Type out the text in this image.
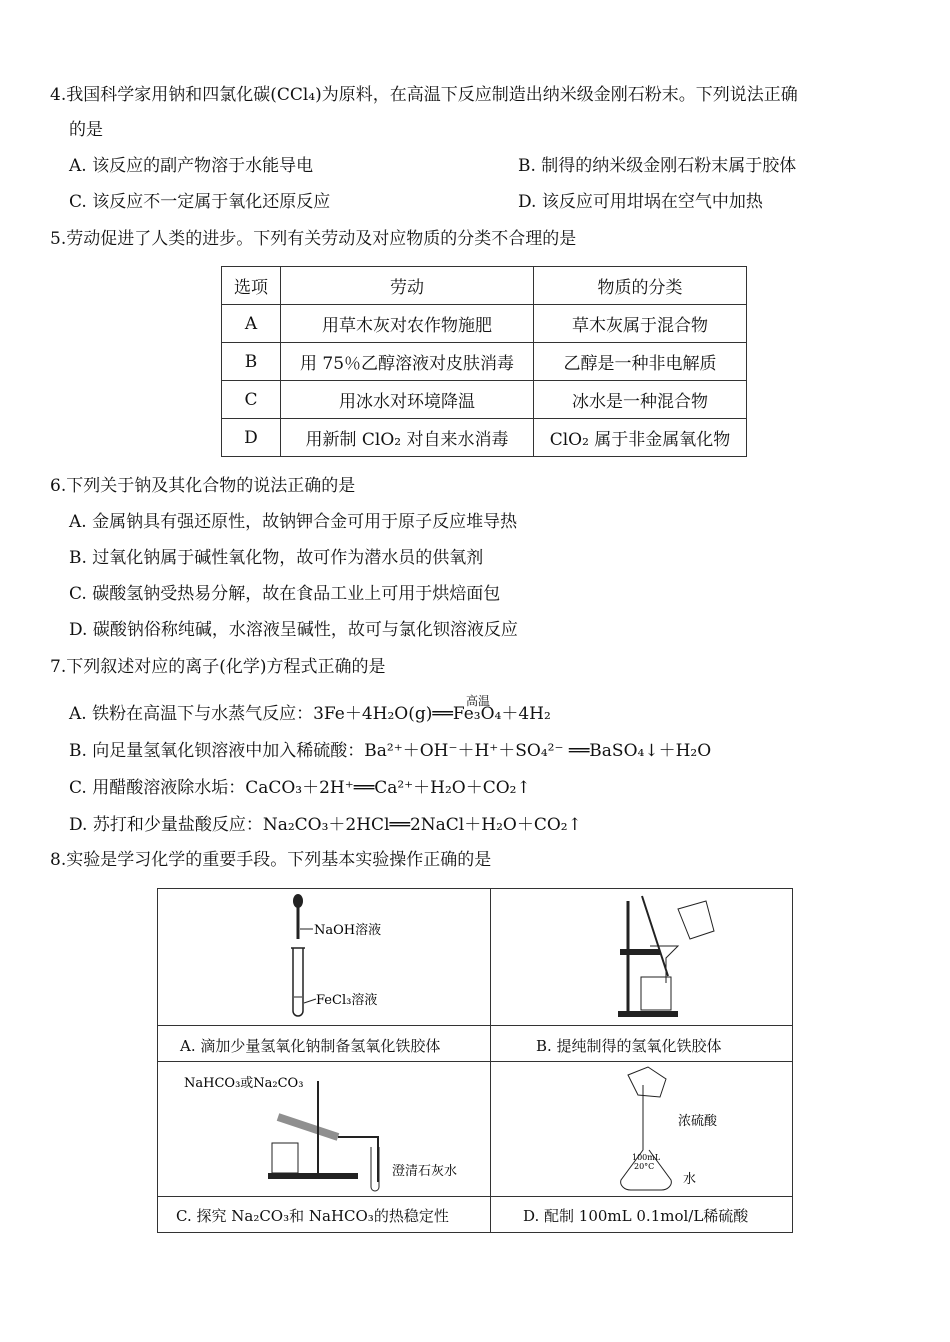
4.我国科学家用钠和四氯化碳(CCl₄)为原料，在高温下反应制造出纳米级金刚石粉末。下列说法正确
的是
A. 该反应的副产物溶于水能导电	B. 制得的纳米级金刚石粉末属于胶体
C. 该反应不一定属于氧化还原反应	D. 该反应可用坩埚在空气中加热
5.劳动促进了人类的进步。下列有关劳动及对应物质的分类不合理的是
选项	劳动	物质的分类
A	用草木灰对农作物施肥	草木灰属于混合物
B	用 75％乙醇溶液对皮肤消毒	乙醇是一种非电解质
C	用冰水对环境降温	冰水是一种混合物
D	用新制 ClO₂ 对自来水消毒	ClO₂ 属于非金属氧化物
6.下列关于钠及其化合物的说法正确的是
A. 金属钠具有强还原性，故钠钾合金可用于原子反应堆导热
B. 过氧化钠属于碱性氧化物，故可作为潜水员的供氧剂
C. 碳酸氢钠受热易分解，故在食品工业上可用于烘焙面包
D. 碳酸钠俗称纯碱，水溶液呈碱性，故可与氯化钡溶液反应
7.下列叙述对应的离子(化学)方程式正确的是
高温
A. 铁粉在高温下与水蒸气反应：3Fe＋4H₂O(g)══Fe₃O₄＋4H₂
B. 向足量氢氧化钡溶液中加入稀硫酸：Ba²⁺＋OH⁻＋H⁺＋SO₄²⁻ ══BaSO₄↓＋H₂O
C. 用醋酸溶液除水垢：CaCO₃＋2H⁺══Ca²⁺＋H₂O＋CO₂↑
D. 苏打和少量盐酸反应：Na₂CO₃＋2HCl══2NaCl＋H₂O＋CO₂↑
8.实验是学习化学的重要手段。下列基本实验操作正确的是
NaOH溶液
FeCl₃溶液
A. 滴加少量氢氧化钠制备氢氧化铁胶体	B. 提纯制得的氢氧化铁胶体
NaHCO₃或Na₂CO₃
澄清石灰水
100mL
20°C
浓硫酸
水
C. 探究 Na₂CO₃和 NaHCO₃的热稳定性	D. 配制 100mL 0.1mol/L稀硫酸
